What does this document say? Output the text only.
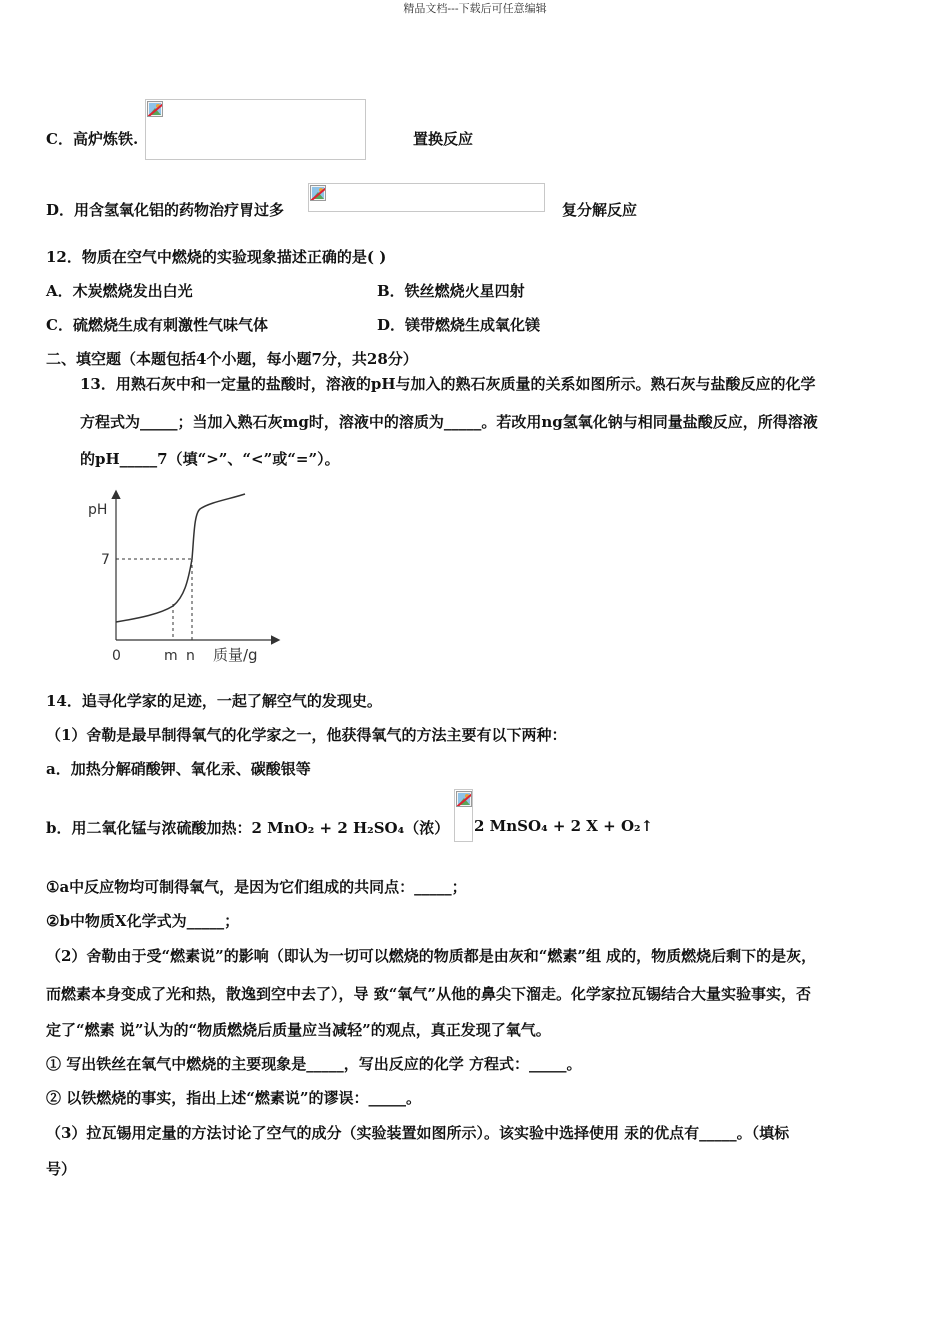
精品文档---下载后可任意编辑
C．高炉炼铁.	置换反应
D．用含氢氧化铝的药物治疗胃过多	复分解反应
12．物质在空气中燃烧的实验现象描述正确的是( )
A．木炭燃烧发出白光	B．铁丝燃烧火星四射
C．硫燃烧生成有刺激性气味气体	D．镁带燃烧生成氧化镁
二、填空题（本题包括4个小题，每小题7分，共28分）
13．用熟石灰中和一定量的盐酸时，溶液的pH与加入的熟石灰质量的关系如图所示。熟石灰与盐酸反应的化学
方程式为_____；当加入熟石灰mg时，溶液中的溶质为_____。若改用ng氢氧化钠与相同量盐酸反应，所得溶液
的pH_____7（填“>”、“<”或“=”）。
pH
7
0	m n 质量/g
14．追寻化学家的足迹，一起了解空气的发现史。
（1）舍勒是最早制得氧气的化学家之一，他获得氧气的方法主要有以下两种：
a．加热分解硝酸钾、氧化汞、碳酸银等
b．用二氧化锰与浓硫酸加热：2 MnO₂ + 2 H₂SO₄（浓） 2 MnSO₄ + 2 X + O₂↑
①a中反应物均可制得氧气，是因为它们组成的共同点：_____；
②b中物质X化学式为_____；
（2）舍勒由于受“燃素说”的影响（即认为一切可以燃烧的物质都是由灰和“燃素”组 成的，物质燃烧后剩下的是灰，
而燃素本身变成了光和热，散逸到空中去了），导 致“氧气”从他的鼻尖下溜走。化学家拉瓦锡结合大量实验事实，否
定了“燃素 说”认为的“物质燃烧后质量应当减轻”的观点，真正发现了氧气。
① 写出铁丝在氧气中燃烧的主要现象是_____，写出反应的化学 方程式：_____。
② 以铁燃烧的事实，指出上述“燃素说”的谬误：_____。
（3）拉瓦锡用定量的方法讨论了空气的成分（实验装置如图所示）。该实验中选择使用 汞的优点有_____。（填标
号）
